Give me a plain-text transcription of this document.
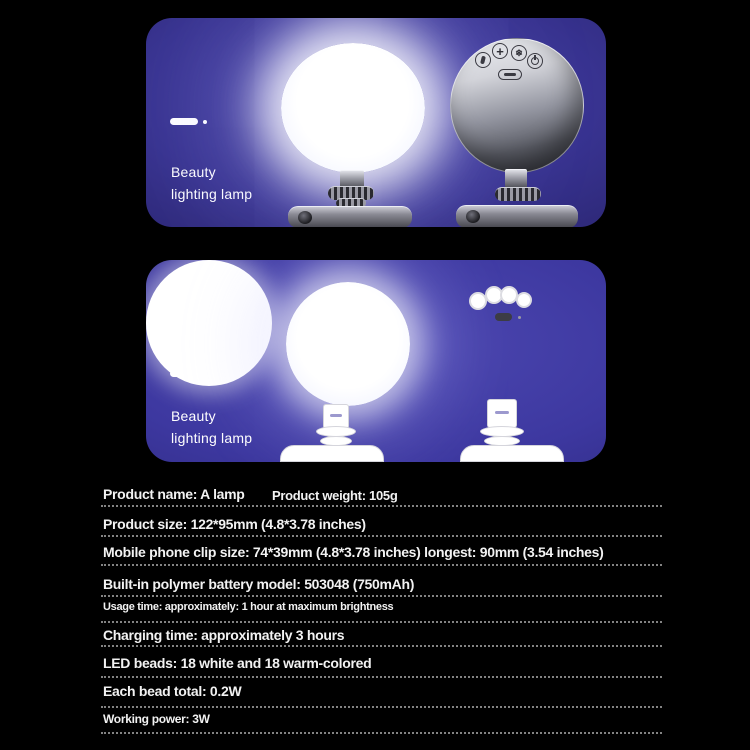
Beauty
lighting lamp
+ ❄
Beauty
lighting lamp
Product name: A lamp Product weight: 105g
Product size: 122*95mm (4.8*3.78 inches)
Mobile phone clip size: 74*39mm (4.8*3.78 inches) longest: 90mm (3.54 inches)
Built-in polymer battery model: 503048 (750mAh)
Usage time: approximately: 1 hour at maximum brightness
Charging time: approximately 3 hours
LED beads: 18 white and 18 warm-colored
Each bead total: 0.2W
Working power: 3W
